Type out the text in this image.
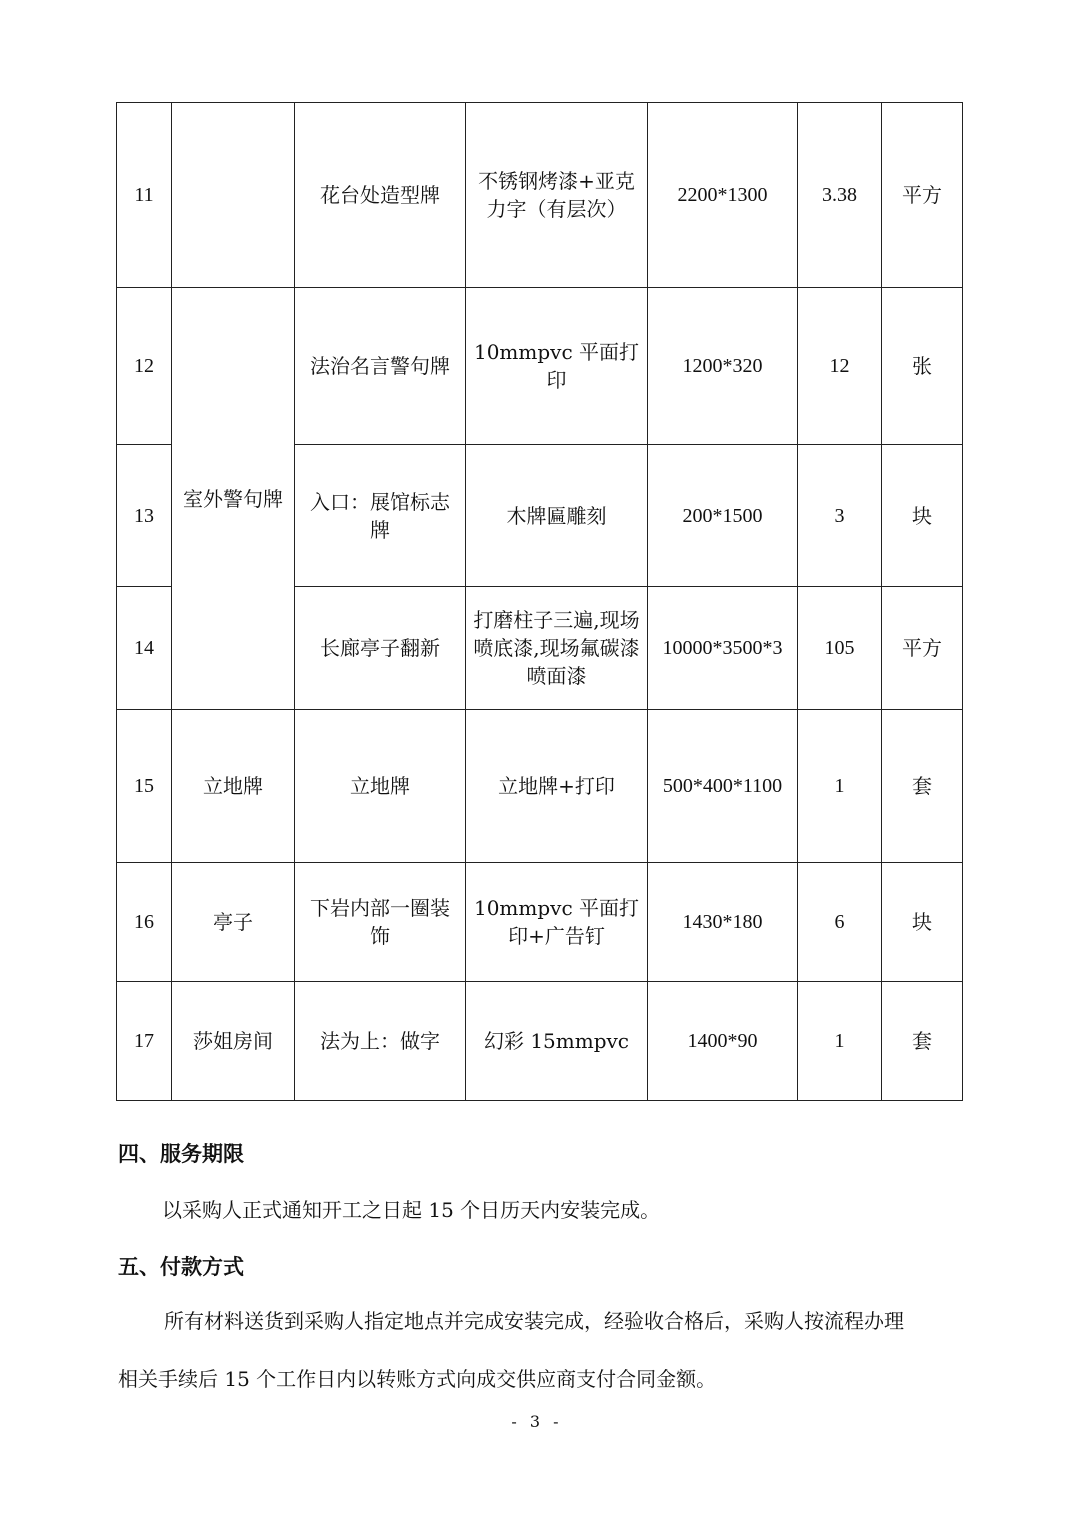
11		花台处造型牌	不锈钢烤漆+亚克力字（有层次）	2200*1300	3.38	平方
12	室外警句牌	法治名言警句牌	10mmpvc 平面打印	1200*320	12	张
13		入口：展馆标志牌	木牌匾雕刻	200*1500	3	块
14		长廊亭子翻新	打磨柱子三遍,现场喷底漆,现场氟碳漆喷面漆	10000*3500*3	105	平方
15	立地牌	立地牌	立地牌+打印	500*400*1100	1	套
16	亭子	下岩内部一圈装饰	10mmpvc 平面打印+广告钉	1430*180	6	块
17	莎姐房间	法为上：做字	幻彩 15mmpvc	1400*90	1	套
四、服务期限
以采购人正式通知开工之日起 15 个日历天内安装完成。
五、付款方式
所有材料送货到采购人指定地点并完成安装完成，经验收合格后，采购人按流程办理
相关手续后 15 个工作日内以转账方式向成交供应商支付合同金额。
- 3 -
